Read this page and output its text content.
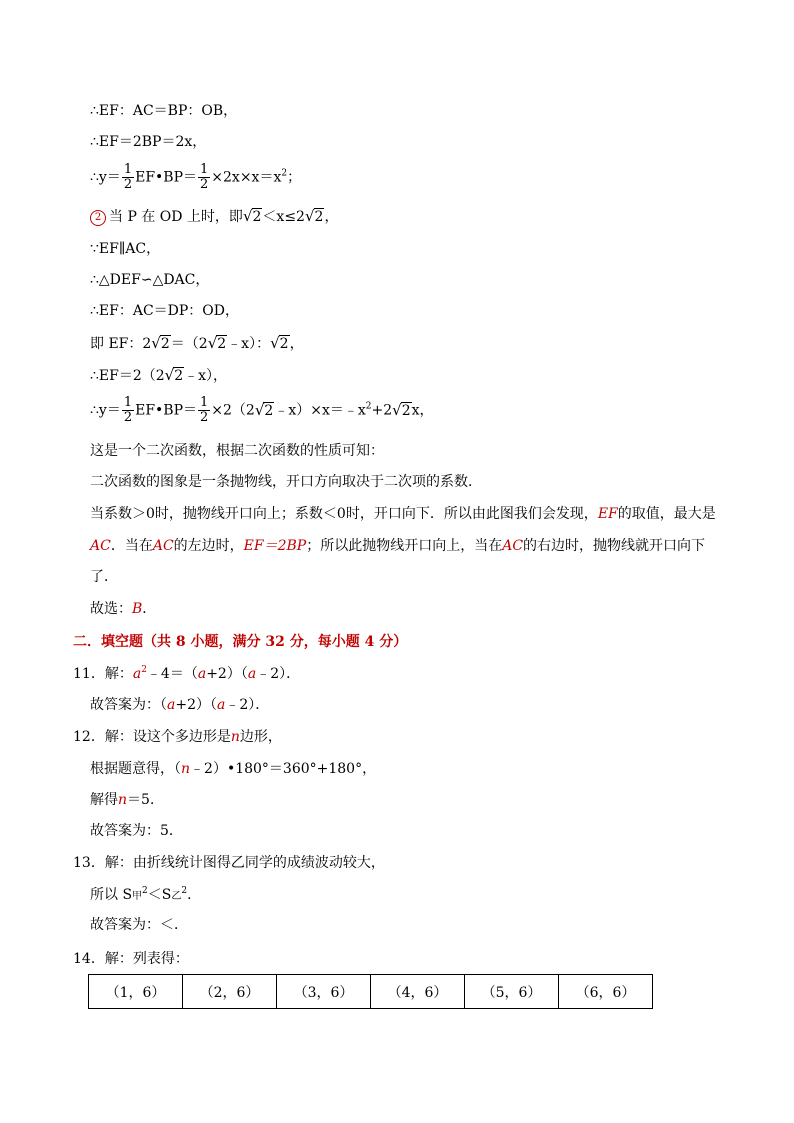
∴EF：AC＝BP：OB，
∴EF＝2BP＝2x，
∴y＝ $\frac{1}{2}$ EF•BP＝ $\frac{1}{2} \times 2x\times x=x^2$；
2 当 P 在 OD 上时，即√2＜x≤2√2，
∵EF∥AC，
∴△DEF∽△DAC，
∴EF：AC＝DP：OD，
即 EF：2√2＝（2√2﹣x）：√2，
∴EF＝2（2√2﹣x），
∴y＝ $\frac{1}{2}$ EF•BP＝ $\frac{1}{2}$ $\times 2(2√2﹣x)\times x=﹣x^2+2√2x$，
这是一个二次函数，根据二次函数的性质可知：
二次函数的图象是一条抛物线，开口方向取决于二次项的系数．
当系数＞0时，抛物线开口向上；系数＜0时，开口向下．所以由此图我们会发现，EF的取值，最大是
AC．当在AC的左边时，EF＝2BP；所以此抛物线开口向上，当在AC的右边时，抛物线就开口向下
了．
故选：B．
二．填空题（共 8 小题，满分 32 分，每小题 4 分）
11．解：$a^2﹣4=(a+2)(a﹣2)$．
故答案为：（a+2）（a﹣2）．
12．解：设这个多边形是n边形，
根据题意得，（n﹣2）•180°＝360°+180°，
解得n＝5．
故答案为：5．
13．解：由折线统计图得乙同学的成绩波动较大，
所以 S甲$^2$＜S乙$^2$．
故答案为：＜．
14．解：列表得：
（1，6）	（2，6）	（3，6）	（4，6）	（5，6）	（6，6）
